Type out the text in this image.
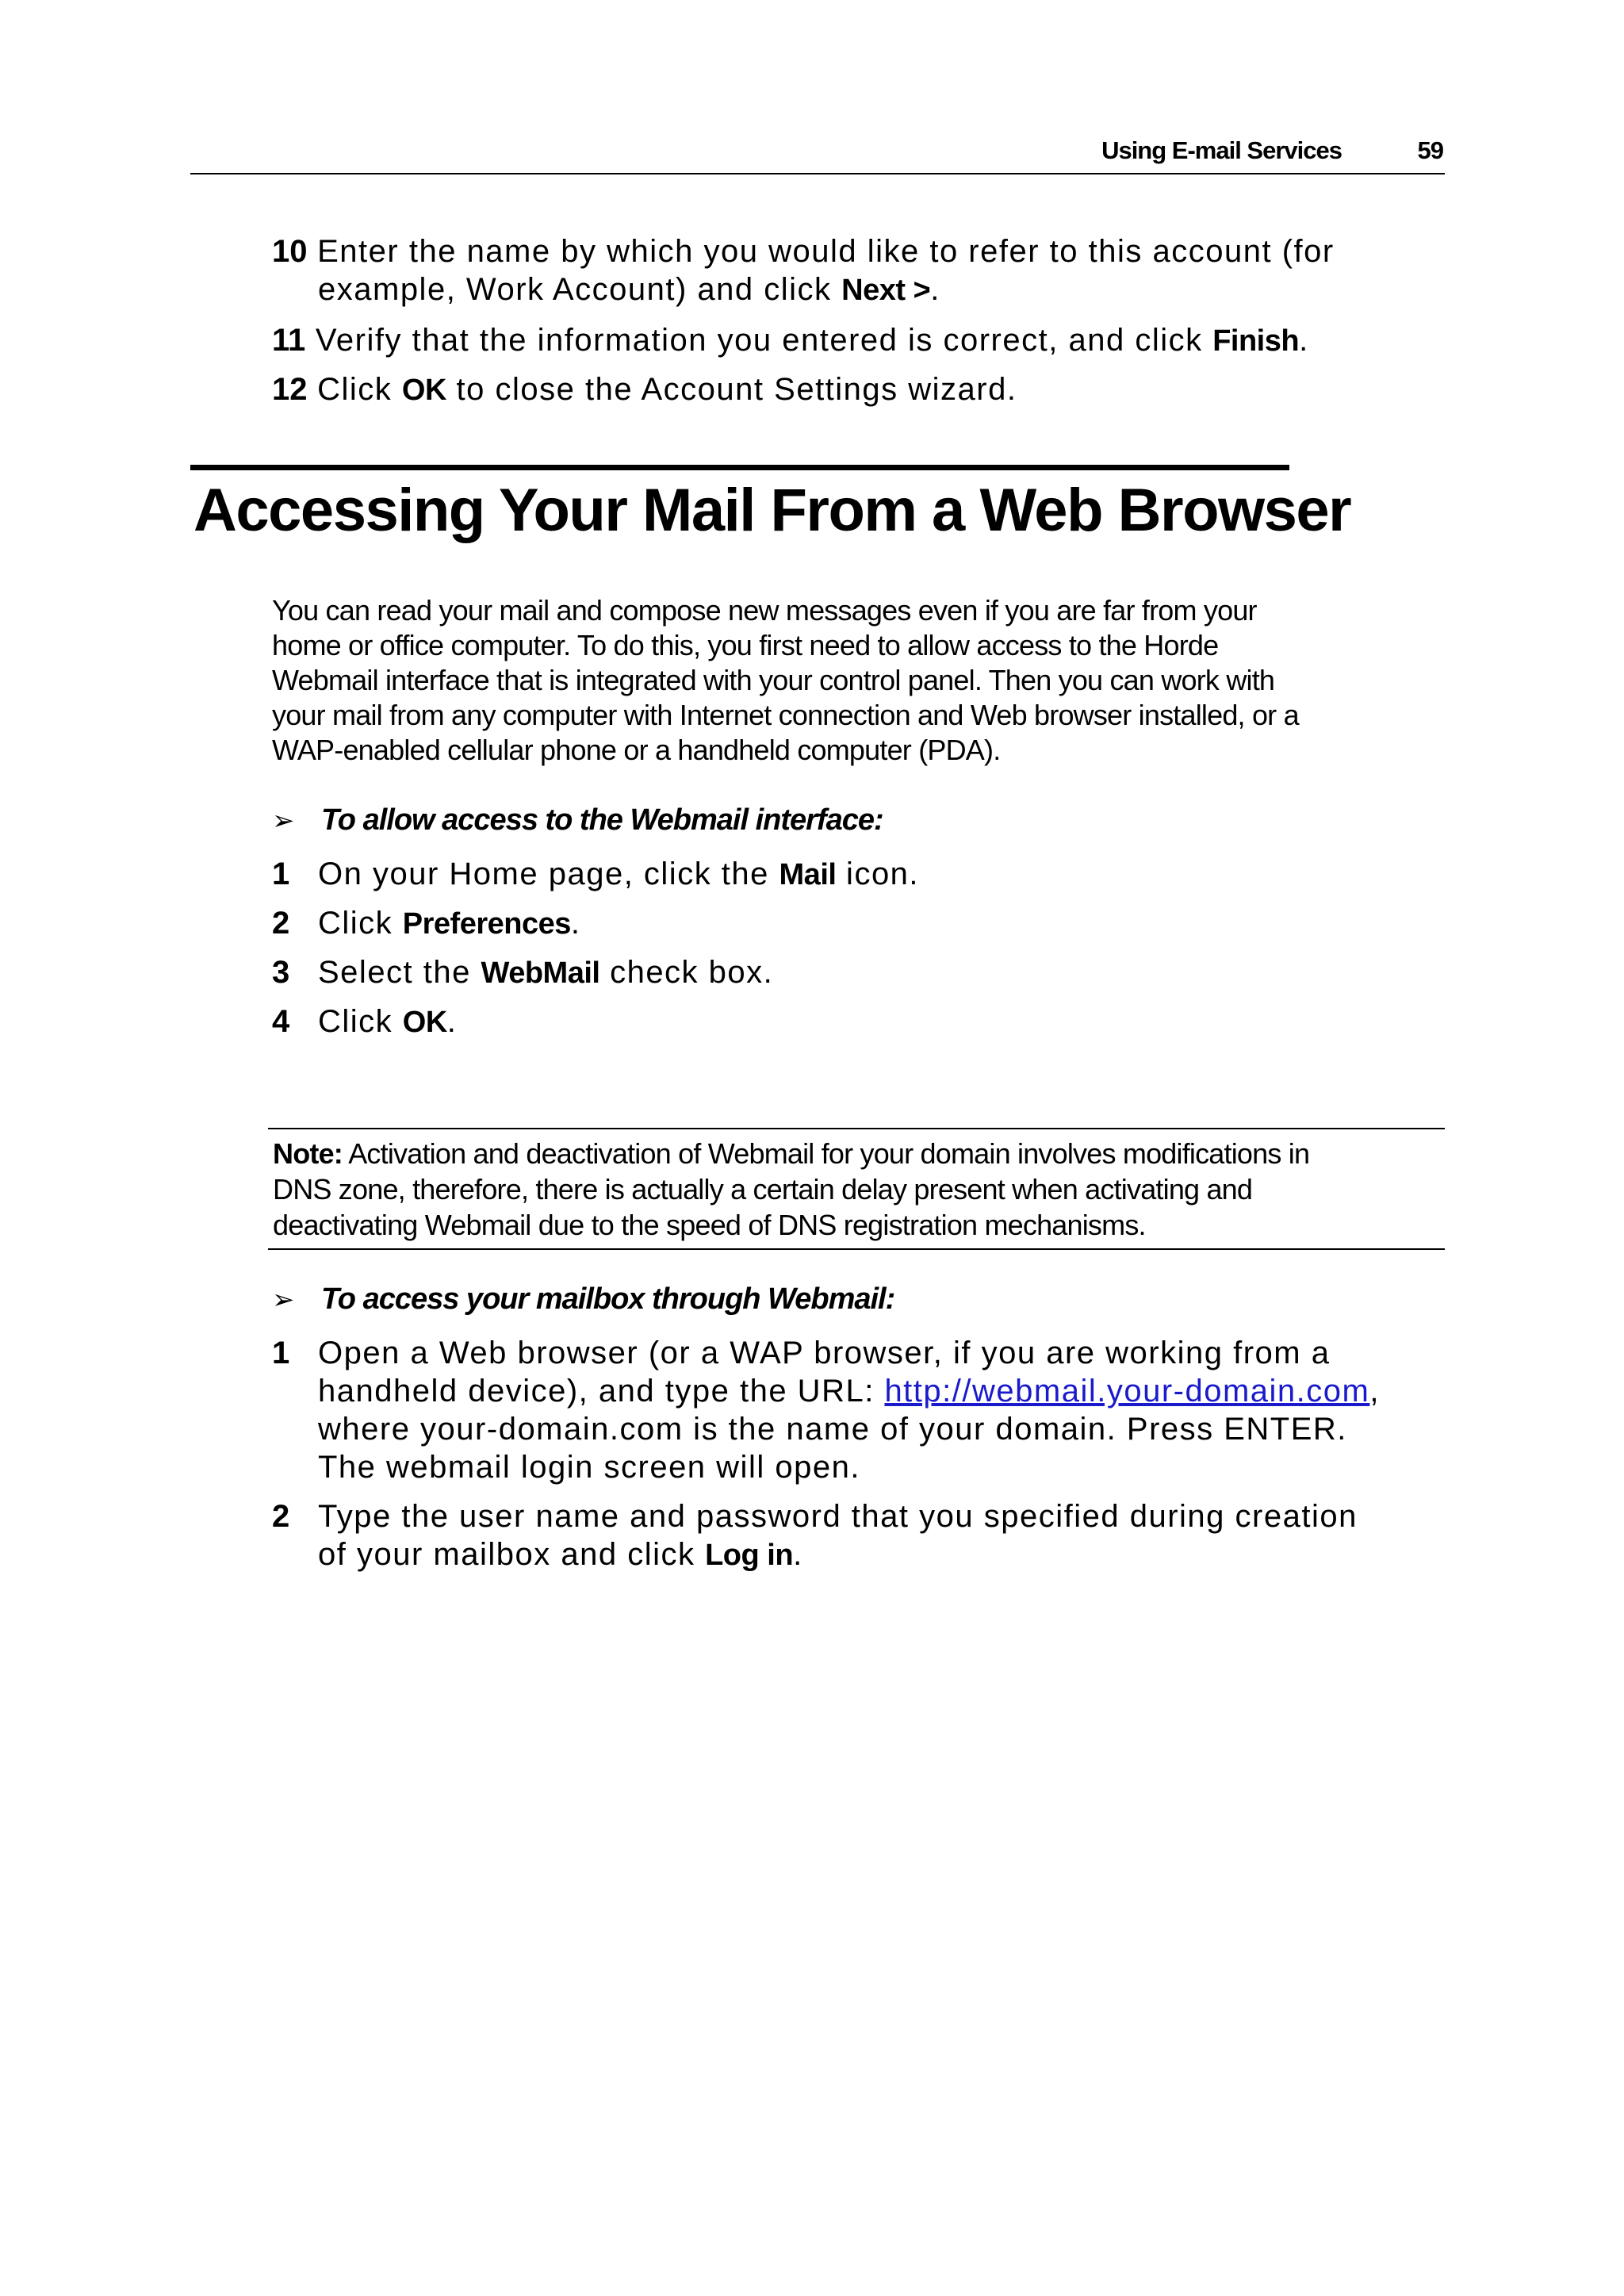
Using E-mail Services	59
10 Enter the name by which you would like to refer to this account (for
example, Work Account) and click Next >.
11 Verify that the information you entered is correct, and click Finish.
12 Click OK to close the Account Settings wizard.
Accessing Your Mail From a Web Browser
You can read your mail and compose new messages even if you are far from your
home or office computer. To do this, you first need to allow access to the Horde
Webmail interface that is integrated with your control panel. Then you can work with
your mail from any computer with Internet connection and Web browser installed, or a
WAP-enabled cellular phone or a handheld computer (PDA).
➢ To allow access to the Webmail interface:
1 On your Home page, click the Mail icon.
2 Click Preferences.
3 Select the WebMail check box.
4 Click OK.
Note: Activation and deactivation of Webmail for your domain involves modifications in
DNS zone, therefore, there is actually a certain delay present when activating and
deactivating Webmail due to the speed of DNS registration mechanisms.
➢ To access your mailbox through Webmail:
1 Open a Web browser (or a WAP browser, if you are working from a
handheld device), and type the URL: http://webmail.your-domain.com,
where your-domain.com is the name of your domain. Press ENTER.
The webmail login screen will open.
2 Type the user name and password that you specified during creation
of your mailbox and click Log in.
